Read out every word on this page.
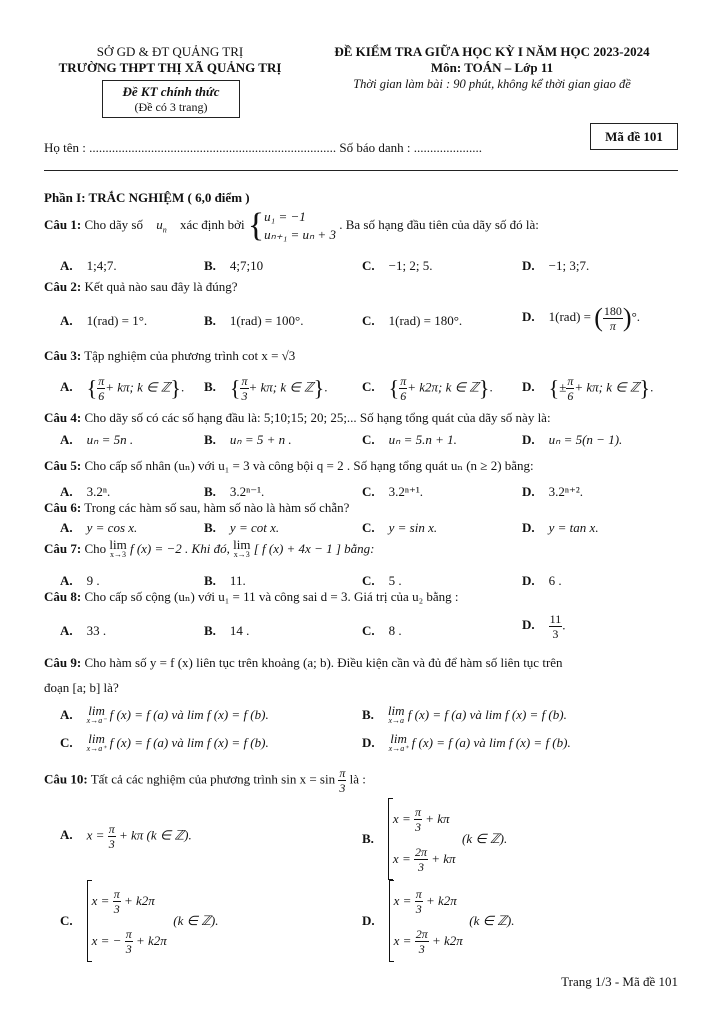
SỞ GD & ĐT QUẢNG TRỊ
TRƯỜNG THPT THỊ XÃ QUẢNG TRỊ
Đề KT chính thức
(Đề có 3 trang)
ĐỀ KIỂM TRA GIỮA HỌC KỲ I NĂM HỌC 2023-2024
Môn: TOÁN – Lớp 11
Thời gian làm bài : 90 phút, không kể thời gian giao đề
Mã đề 101
Họ tên : ............................................................................ Số báo danh : .....................
Phần I: TRẮC NGHIỆM ( 6,0 điểm )
Câu 1: Cho dãy số $u_n$ xác định bởi { u₁ = −1
uₙ₊₁ = uₙ + 3
. Ba số hạng đầu tiên của dãy số đó là:
A. 1;4;7.	B. 4;7;10	C. −1; 2; 5.	D. −1; 3;7.
Câu 2: Kết quả nào sau đây là đúng?
A. 1(rad) = 1°.	B. 1(rad) = 100°.	C. 1(rad) = 180°.	D. 1(rad) = ( $\frac{180}{\pi}$ )°.
Câu 3: Tập nghiệm của phương trình cot x = √3
A. { $\frac{\pi}{6} + k\pi$; k ∈ ℤ}. B. { $\frac{\pi}{3} + k\pi$; k ∈ ℤ}.	C. { $\frac{\pi}{6} + k2\pi$; k ∈ ℤ}. D. {± $\frac{\pi}{6} + k\pi$; k ∈ ℤ}.
Câu 4: Cho dãy số có các số hạng đầu là: 5;10;15; 20; 25;... Số hạng tổng quát của dãy số này là:
A. uₙ = 5n .	B. uₙ = 5 + n .	C. uₙ = 5.n + 1.	D. uₙ = 5(n − 1).
Câu 5: Cho cấp số nhân (uₙ) với u₁ = 3 và công bội q = 2 . Số hạng tổng quát uₙ (n ≥ 2) bằng:
A. 3.2ⁿ.	B. 3.2ⁿ⁻¹.	C. 3.2ⁿ⁺¹.	D. 3.2ⁿ⁺².
Câu 6: Trong các hàm số sau, hàm số nào là hàm số chẵn?
A. y = cos x.	B. y = cot x.	C. y = sin x.	D. y = tan x.
Câu 7: Cho lim
x→3 f (x) = −2 . Khi đó, lim
x→3 [ f (x) + 4x − 1 ] bằng:
A. 9 .	B. 11.	C. 5 .	D. 6 .
Câu 8: Cho cấp số cộng (uₙ) với u₁ = 11 và công sai d = 3. Giá trị của u₂ bằng :
A. 33 .	B. 14 .	C. 8 .	D. $\frac{11}{3}$ .
Câu 9: Cho hàm số y = f (x) liên tục trên khoảng (a; b). Điều kiện cần và đủ để hàm số liên tục trên
đoạn [a; b] là?
A. lim
x→a⁻ f (x) = f (a) và lim f (x) = f (b).	B. lim
x→a f (x) = f (a) và lim f (x) = f (b).
C. lim
x→a⁺ f (x) = f (a) và lim f (x) = f (b).	D. lim
x→a⁺ f (x) = f (a) và lim f (x) = f (b).
Câu 10: Tất cả các nghiệm của phương trình $\sin x = \sin \frac{\pi}{3}$ là :
A. $x = \frac{\pi}{3} + k\pi$ (k ∈ ℤ).	B.
x =
$\frac{\pi}{3}$
+ kπ
x =
$\frac{2\pi}{3}$
+ kπ
(k ∈ ℤ).
C.
x =
$\frac{\pi}{3}$
+ k2π
x = −
$\frac{\pi}{3}$
+ k2π
(k ∈ ℤ).	D.
x =
$\frac{\pi}{3}$
+ k2π
x =
$\frac{2\pi}{3}$
+ k2π
(k ∈ ℤ).
Trang 1/3 - Mã đề 101
